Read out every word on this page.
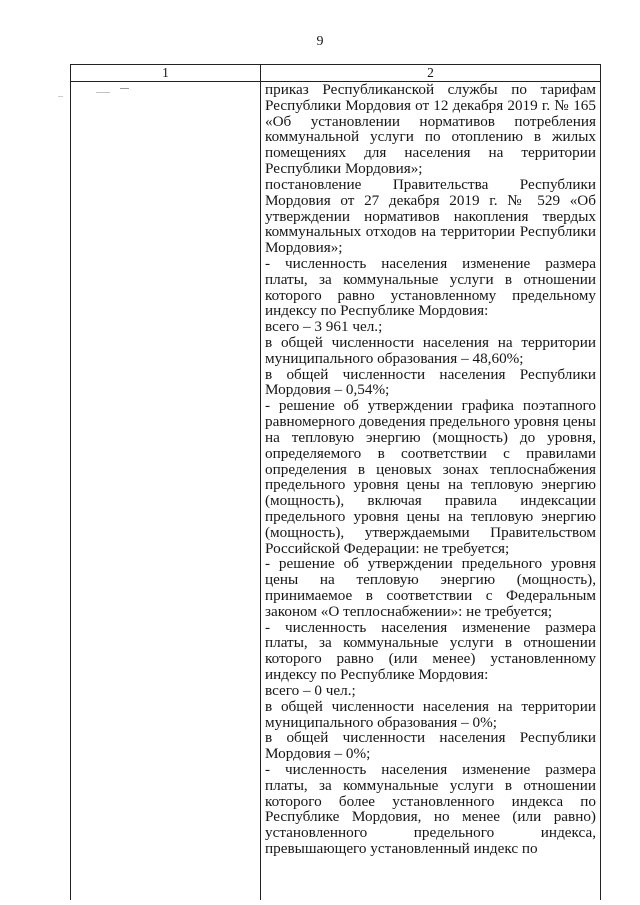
9
1	2

приказ Республиканской службы по тарифам Республики Мордовия от 12 декабря 2019 г. № 165 «Об установлении нормативов потребления коммунальной услуги по отоплению в жилых помещениях для населения на территории Республики Мордовия»;

постановление Правительства Республики Мордовия от 27 декабря 2019 г. № 529 «Об утверждении нормативов накопления твердых коммунальных отходов на территории Республики Мордовия»;

- численность населения изменение размера платы, за коммунальные услуги в отношении которого равно установленному предельному индексу по Республике Мордовия:

всего – 3 961 чел.;

в общей численности населения на территории муниципального образования – 48,60%;

в общей численности населения Республики Мордовия – 0,54%;

- решение об утверждении графика поэтапного равномерного доведения предельного уровня цены на тепловую энергию (мощность) до уровня, определяемого в соответствии с правилами определения в ценовых зонах теплоснабжения предельного уровня цены на тепловую энергию (мощность), включая правила индексации предельного уровня цены на тепловую энергию (мощность), утверждаемыми Правительством Российской Федерации: не требуется;

- решение об утверждении предельного уровня цены на тепловую энергию (мощность), принимаемое в соответствии с Федеральным законом «О теплоснабжении»: не требуется;

- численность населения изменение размера платы, за коммунальные услуги в отношении которого равно (или менее) установленному индексу по Республике Мордовия:

всего – 0 чел.;

в общей численности населения на территории муниципального образования – 0%;

в общей численности населения Республики Мордовия – 0%;

- численность населения изменение размера платы, за коммунальные услуги в отношении которого более установленного индекса по Республике Мордовия, но менее (или равно) установленного предельного индекса, превышающего установленный индекс по
